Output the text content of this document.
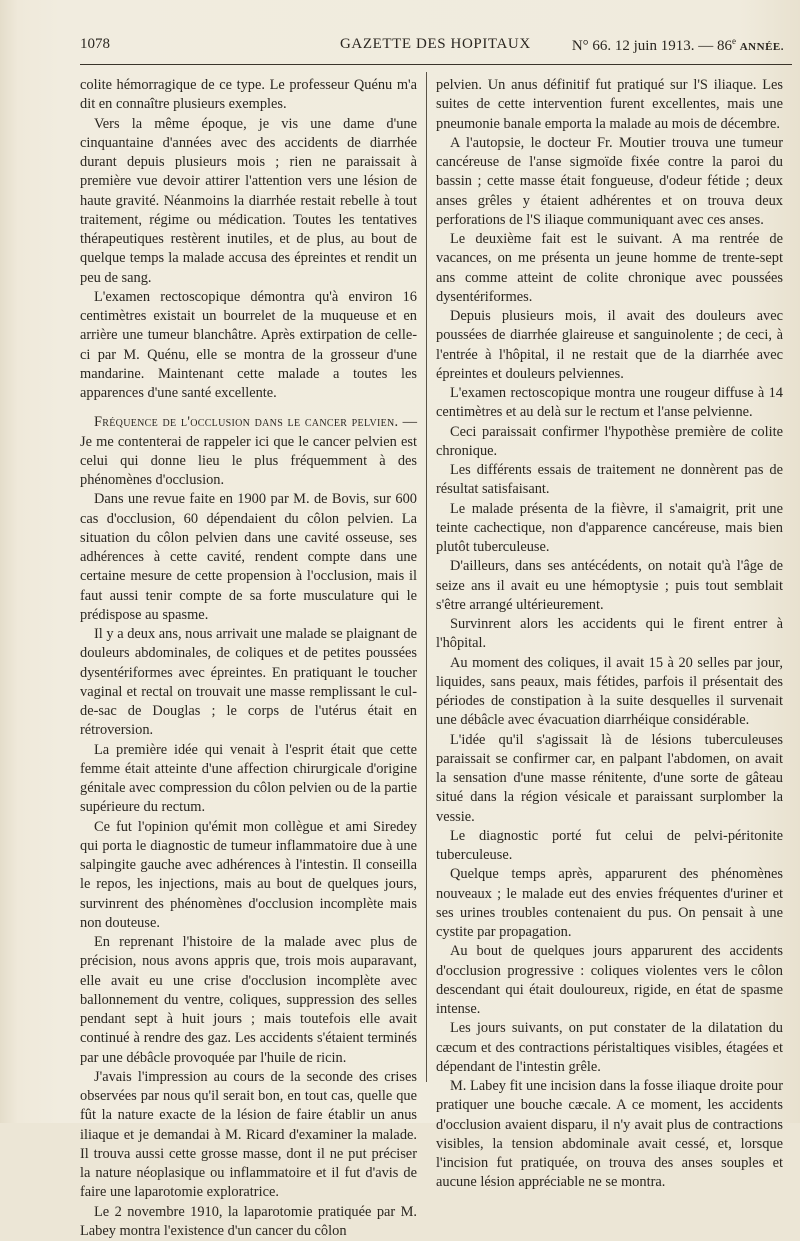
1078	GAZETTE DES HOPITAUX	N° 66. 12 juin 1913. — 86e ANNÉE.

colite hémorragique de ce type. Le professeur Quénu m'a dit en connaître plusieurs exemples.

Vers la même époque, je vis une dame d'une cinquantaine d'années avec des accidents de diarrhée durant depuis plusieurs mois ; rien ne paraissait à première vue devoir attirer l'attention vers une lésion de haute gravité. Néanmoins la diarrhée restait rebelle à tout traitement, régime ou médication. Toutes les tentatives thérapeutiques restèrent inutiles, et de plus, au bout de quelque temps la malade accusa des épreintes et rendit un peu de sang.

L'examen rectoscopique démontra qu'à environ 16 centimètres existait un bourrelet de la muqueuse et en arrière une tumeur blanchâtre. Après extirpation de celle-ci par M. Quénu, elle se montra de la grosseur d'une mandarine. Maintenant cette malade a toutes les apparences d'une santé excellente.

Fréquence de l'occlusion dans le cancer pelvien. — Je me contenterai de rappeler ici que le cancer pelvien est celui qui donne lieu le plus fréquemment à des phénomènes d'occlusion.

Dans une revue faite en 1900 par M. de Bovis, sur 600 cas d'occlusion, 60 dépendaient du côlon pelvien. La situation du côlon pelvien dans une cavité osseuse, ses adhérences à cette cavité, rendent compte dans une certaine mesure de cette propension à l'occlusion, mais il faut aussi tenir compte de sa forte musculature qui le prédispose au spasme.

Il y a deux ans, nous arrivait une malade se plaignant de douleurs abdominales, de coliques et de petites poussées dysentériformes avec épreintes. En pratiquant le toucher vaginal et rectal on trouvait une masse remplissant le cul-de-sac de Douglas ; le corps de l'utérus était en rétroversion.

La première idée qui venait à l'esprit était que cette femme était atteinte d'une affection chirurgicale d'origine génitale avec compression du côlon pelvien ou de la partie supérieure du rectum.

Ce fut l'opinion qu'émit mon collègue et ami Siredey qui porta le diagnostic de tumeur inflammatoire due à une salpingite gauche avec adhérences à l'intestin. Il conseilla le repos, les injections, mais au bout de quelques jours, survinrent des phénomènes d'occlusion incomplète mais non douteuse.

En reprenant l'histoire de la malade avec plus de précision, nous avons appris que, trois mois auparavant, elle avait eu une crise d'occlusion incomplète avec ballonnement du ventre, coliques, suppression des selles pendant sept à huit jours ; mais toutefois elle avait continué à rendre des gaz. Les accidents s'étaient terminés par une débâcle provoquée par l'huile de ricin.

J'avais l'impression au cours de la seconde des crises observées par nous qu'il serait bon, en tout cas, quelle que fût la nature exacte de la lésion de faire établir un anus iliaque et je demandai à M. Ricard d'examiner la malade. Il trouva aussi cette grosse masse, dont il ne put préciser la nature néoplasique ou inflammatoire et il fut d'avis de faire une laparotomie exploratrice.

Le 2 novembre 1910, la laparotomie pratiquée par M. Labey montra l'existence d'un cancer du côlon

pelvien. Un anus définitif fut pratiqué sur l'S iliaque. Les suites de cette intervention furent excellentes, mais une pneumonie banale emporta la malade au mois de décembre.

A l'autopsie, le docteur Fr. Moutier trouva une tumeur cancéreuse de l'anse sigmoïde fixée contre la paroi du bassin ; cette masse était fongueuse, d'odeur fétide ; deux anses grêles y étaient adhérentes et on trouva deux perforations de l'S iliaque communiquant avec ces anses.

Le deuxième fait est le suivant. A ma rentrée de vacances, on me présenta un jeune homme de trente-sept ans comme atteint de colite chronique avec poussées dysentériformes.

Depuis plusieurs mois, il avait des douleurs avec poussées de diarrhée glaireuse et sanguinolente ; de ceci, à l'entrée à l'hôpital, il ne restait que de la diarrhée avec épreintes et douleurs pelviennes.

L'examen rectoscopique montra une rougeur diffuse à 14 centimètres et au delà sur le rectum et l'anse pelvienne.

Ceci paraissait confirmer l'hypothèse première de colite chronique.

Les différents essais de traitement ne donnèrent pas de résultat satisfaisant.

Le malade présenta de la fièvre, il s'amaigrit, prit une teinte cachectique, non d'apparence cancéreuse, mais bien plutôt tuberculeuse.

D'ailleurs, dans ses antécédents, on notait qu'à l'âge de seize ans il avait eu une hémoptysie ; puis tout semblait s'être arrangé ultérieurement.

Survinrent alors les accidents qui le firent entrer à l'hôpital.

Au moment des coliques, il avait 15 à 20 selles par jour, liquides, sans peaux, mais fétides, parfois il présentait des périodes de constipation à la suite desquelles il survenait une débâcle avec évacuation diarrhéique considérable.

L'idée qu'il s'agissait là de lésions tuberculeuses paraissait se confirmer car, en palpant l'abdomen, on avait la sensation d'une masse rénitente, d'une sorte de gâteau situé dans la région vésicale et paraissant surplomber la vessie.

Le diagnostic porté fut celui de pelvi-péritonite tuberculeuse.

Quelque temps après, apparurent des phénomènes nouveaux ; le malade eut des envies fréquentes d'uriner et ses urines troubles contenaient du pus. On pensait à une cystite par propagation.

Au bout de quelques jours apparurent des accidents d'occlusion progressive : coliques violentes vers le côlon descendant qui était douloureux, rigide, en état de spasme intense.

Les jours suivants, on put constater de la dilatation du cæcum et des contractions péristaltiques visibles, étagées et dépendant de l'intestin grêle.

M. Labey fit une incision dans la fosse iliaque droite pour pratiquer une bouche cæcale. A ce moment, les accidents d'occlusion avaient disparu, il n'y avait plus de contractions visibles, la tension abdominale avait cessé, et, lorsque l'incision fut pratiquée, on trouva des anses souples et aucune lésion appréciable ne se montra.
